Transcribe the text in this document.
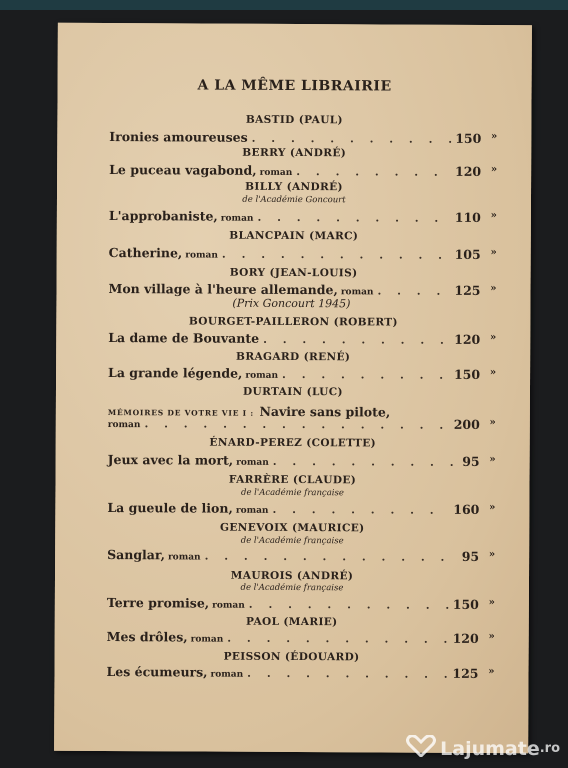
A LA MÊME LIBRAIRIE
BASTID (PAUL)
Ironies amoureuses . . .	150 »
BERRY (ANDRÉ)
Le puceau vagabond, roman . . .	120 »
BILLY (ANDRÉ)
de l'Académie Goncourt
L'approbaniste, roman . . .	110 »
BLANCPAIN (MARC)
Catherine, roman . . .	105 »
BORY (JEAN-LOUIS)
Mon village à l'heure allemande, roman . . .	125 »
(Prix Goncourt 1945)
BOURGET-PAILLERON (ROBERT)
La dame de Bouvante . . .	120 »
BRAGARD (RENÉ)
La grande légende, roman . . .	150 »
DURTAIN (LUC)
MÉMOIRES DE VOTRE VIE I : Navire sans pilote,
roman . . .	200 »
ÉNARD-PEREZ (COLETTE)
Jeux avec la mort, roman . . .	95 »
FARRÈRE (CLAUDE)
de l'Académie française
La gueule de lion, roman . . .	160 »
GENEVOIX (MAURICE)
de l'Académie française
Sanglar, roman . . .	95 »
MAUROIS (ANDRÉ)
de l'Académie française
Terre promise, roman . . .	150 »
PAOL (MARIE)
Mes drôles, roman . . .	120 »
PEISSON (ÉDOUARD)
Les écumeurs, roman . . .	125 »
Lajumate .ro
